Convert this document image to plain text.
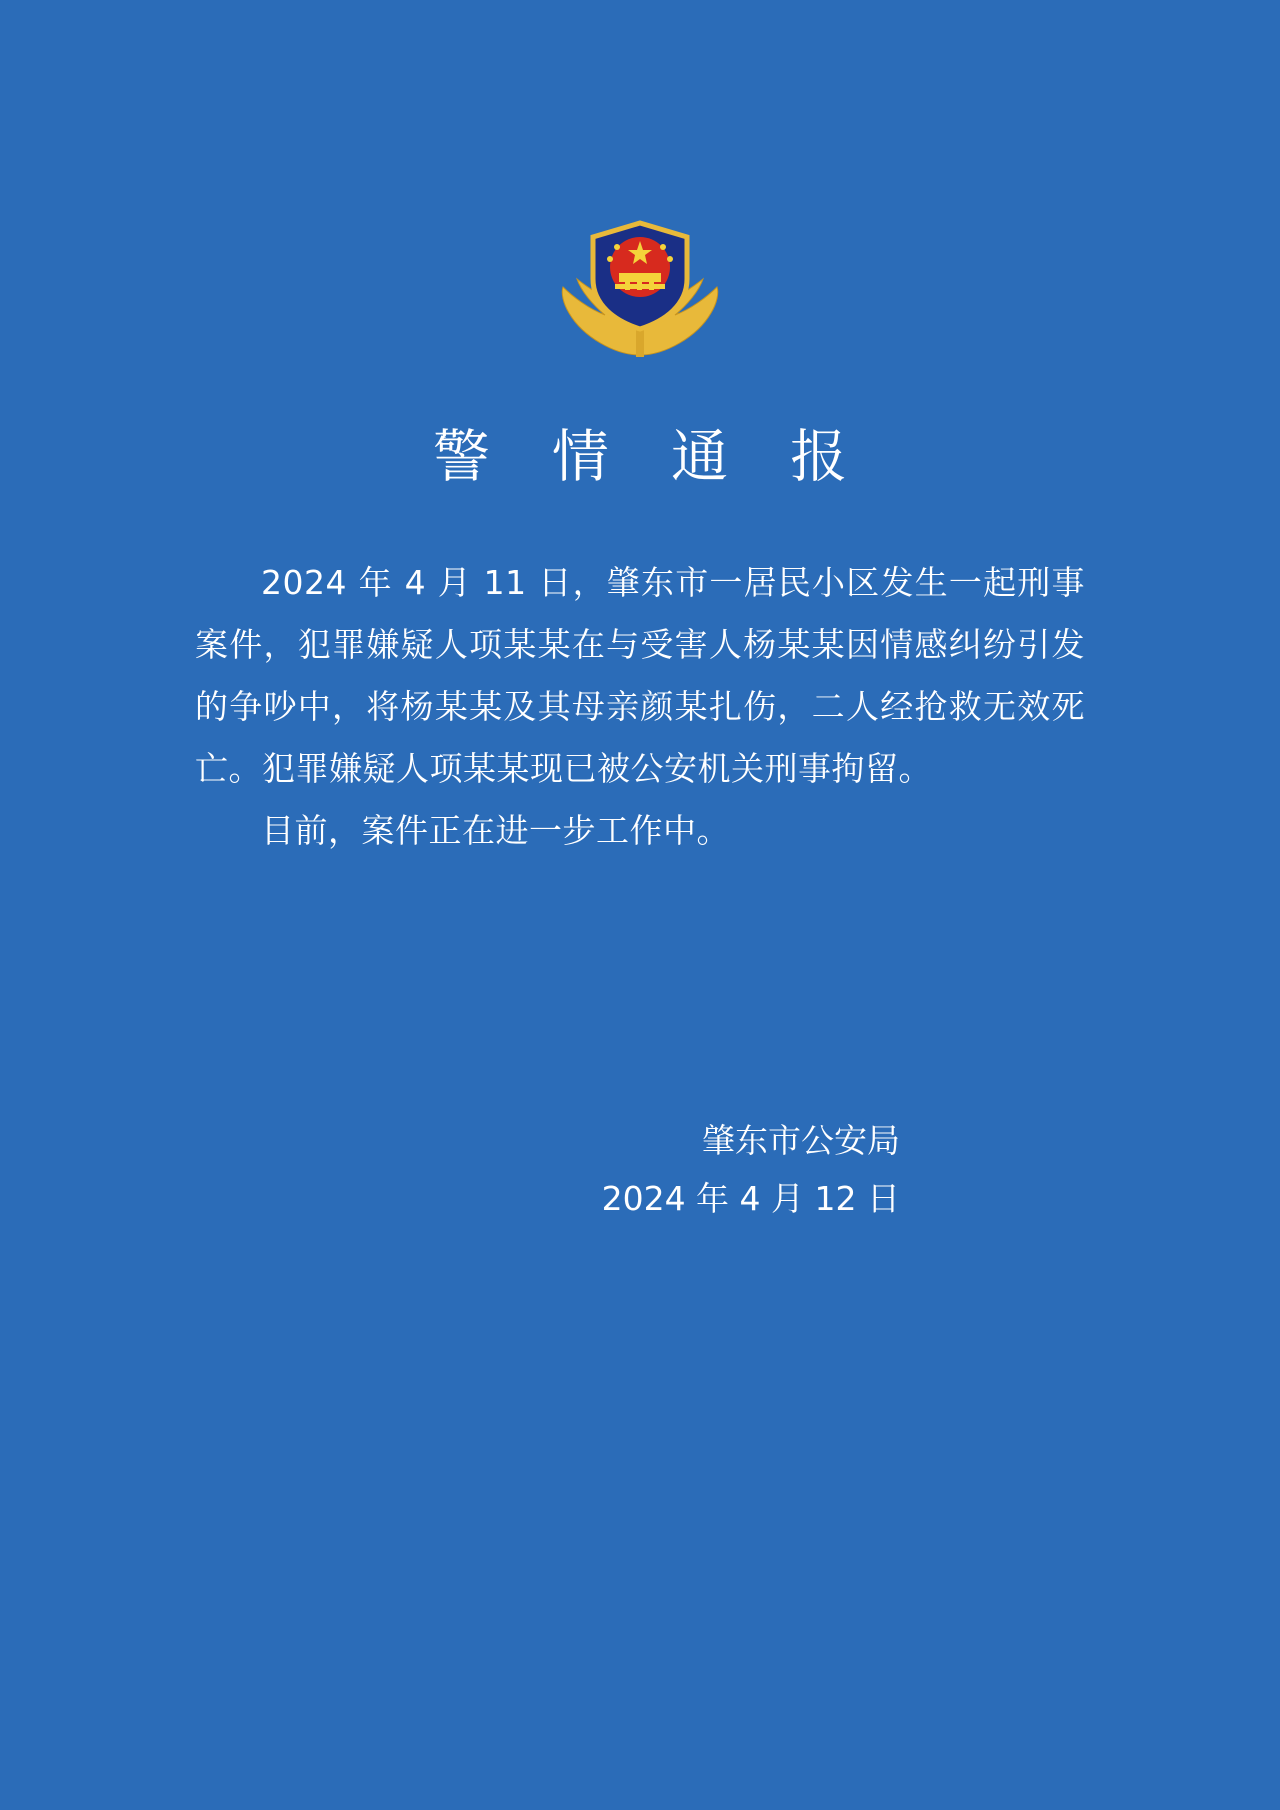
警 情 通 报

2024 年 4 月 11 日，肇东市一居民小区发生一起刑事案件，犯罪嫌疑人项某某在与受害人杨某某因情感纠纷引发的争吵中，将杨某某及其母亲颜某扎伤，二人经抢救无效死亡。犯罪嫌疑人项某某现已被公安机关刑事拘留。

目前，案件正在进一步工作中。

肇东市公安局
2024 年 4 月 12 日
